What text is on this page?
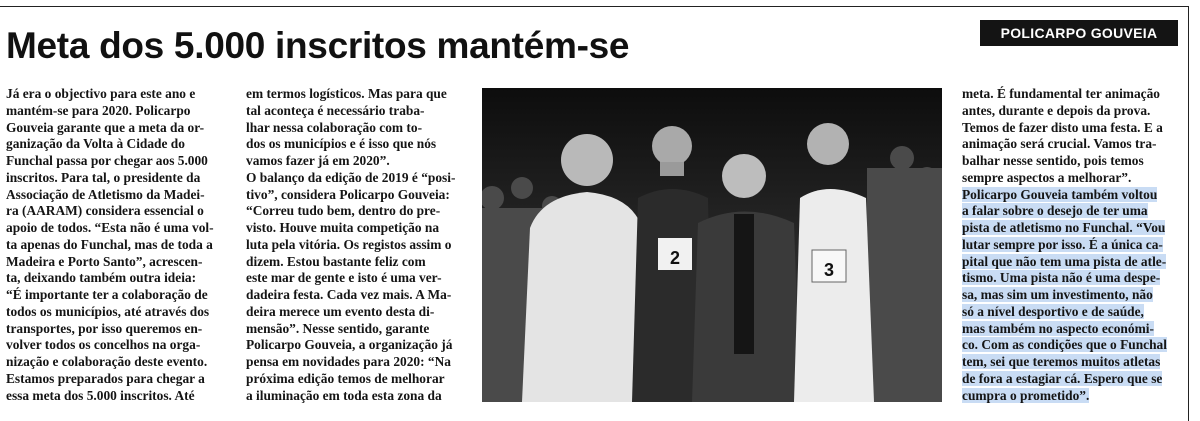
Meta dos 5.000 inscritos mantém-se	POLICARPO GOUVEIA
Já era o objectivo para este ano e
mantém-se para 2020. Policarpo
Gouveia garante que a meta da or-
ganização da Volta à Cidade do
Funchal passa por chegar aos 5.000
inscritos. Para tal, o presidente da
Associação de Atletismo da Madei-
ra (AARAM) considera essencial o
apoio de todos. “Esta não é uma vol-
ta apenas do Funchal, mas de toda a
Madeira e Porto Santo”, acrescen-
ta, deixando também outra ideia:
“É importante ter a colaboração de
todos os municípios, até através dos
transportes, por isso queremos en-
volver todos os concelhos na orga-
nização e colaboração deste evento.
Estamos preparados para chegar a
essa meta dos 5.000 inscritos. Até
em termos logísticos. Mas para que
tal aconteça é necessário traba-
lhar nessa colaboração com to-
dos os municípios e é isso que nós
vamos fazer já em 2020”.
O balanço da edição de 2019 é “posi-
tivo”, considera Policarpo Gouveia:
“Correu tudo bem, dentro do pre-
visto. Houve muita competição na
luta pela vitória. Os registos assim o
dizem. Estou bastante feliz com
este mar de gente e isto é uma ver-
dadeira festa. Cada vez mais. A Ma-
deira merece um evento desta di-
mensão”. Nesse sentido, garante
Policarpo Gouveia, a organização já
pensa em novidades para 2020: “Na
próxima edição temos de melhorar
a iluminação em toda esta zona da
2
3
meta. É fundamental ter animação
antes, durante e depois da prova.
Temos de fazer disto uma festa. E a
animação será crucial. Vamos tra-
balhar nesse sentido, pois temos
sempre aspectos a melhorar”.
Policarpo Gouveia também voltou
a falar sobre o desejo de ter uma
pista de atletismo no Funchal. “Vou
lutar sempre por isso. É a única ca-
pital que não tem uma pista de atle-
tismo. Uma pista não é uma despe-
sa, mas sim um investimento, não
só a nível desportivo e de saúde,
mas também no aspecto económi-
co. Com as condições que o Funchal
tem, sei que teremos muitos atletas
de fora a estagiar cá. Espero que se
cumpra o prometido”.
